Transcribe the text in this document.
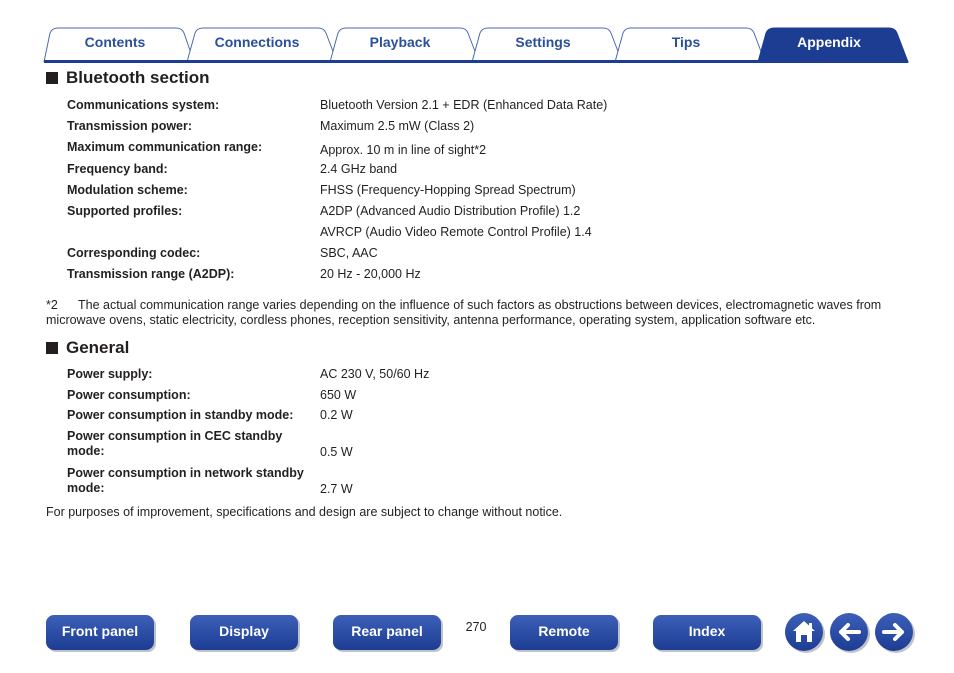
Contents	Connections	Playback	Settings	Tips	Appendix
Bluetooth section
Communications system:	Bluetooth Version 2.1 + EDR (Enhanced Data Rate)
Transmission power:	Maximum 2.5 mW (Class 2)
Maximum communication range:	Approx. 10 m in line of sight*2
Frequency band:	2.4 GHz band
Modulation scheme:	FHSS (Frequency-Hopping Spread Spectrum)
Supported profiles:	A2DP (Advanced Audio Distribution Profile) 1.2
AVRCP (Audio Video Remote Control Profile) 1.4
Corresponding codec:	SBC, AAC
Transmission range (A2DP):	20 Hz - 20,000 Hz
*2 The actual communication range varies depending on the influence of such factors as obstructions between devices, electromagnetic waves from microwave ovens, static electricity, cordless phones, reception sensitivity, antenna performance, operating system, application software etc.
General
Power supply:	AC 230 V, 50/60 Hz
Power consumption:	650 W
Power consumption in standby mode:	0.2 W
Power consumption in CEC standby mode:	0.5 W
Power consumption in network standby mode:	2.7 W
For purposes of improvement, specifications and design are subject to change without notice.
Front panel	Display	Rear panel	270	Remote	Index
